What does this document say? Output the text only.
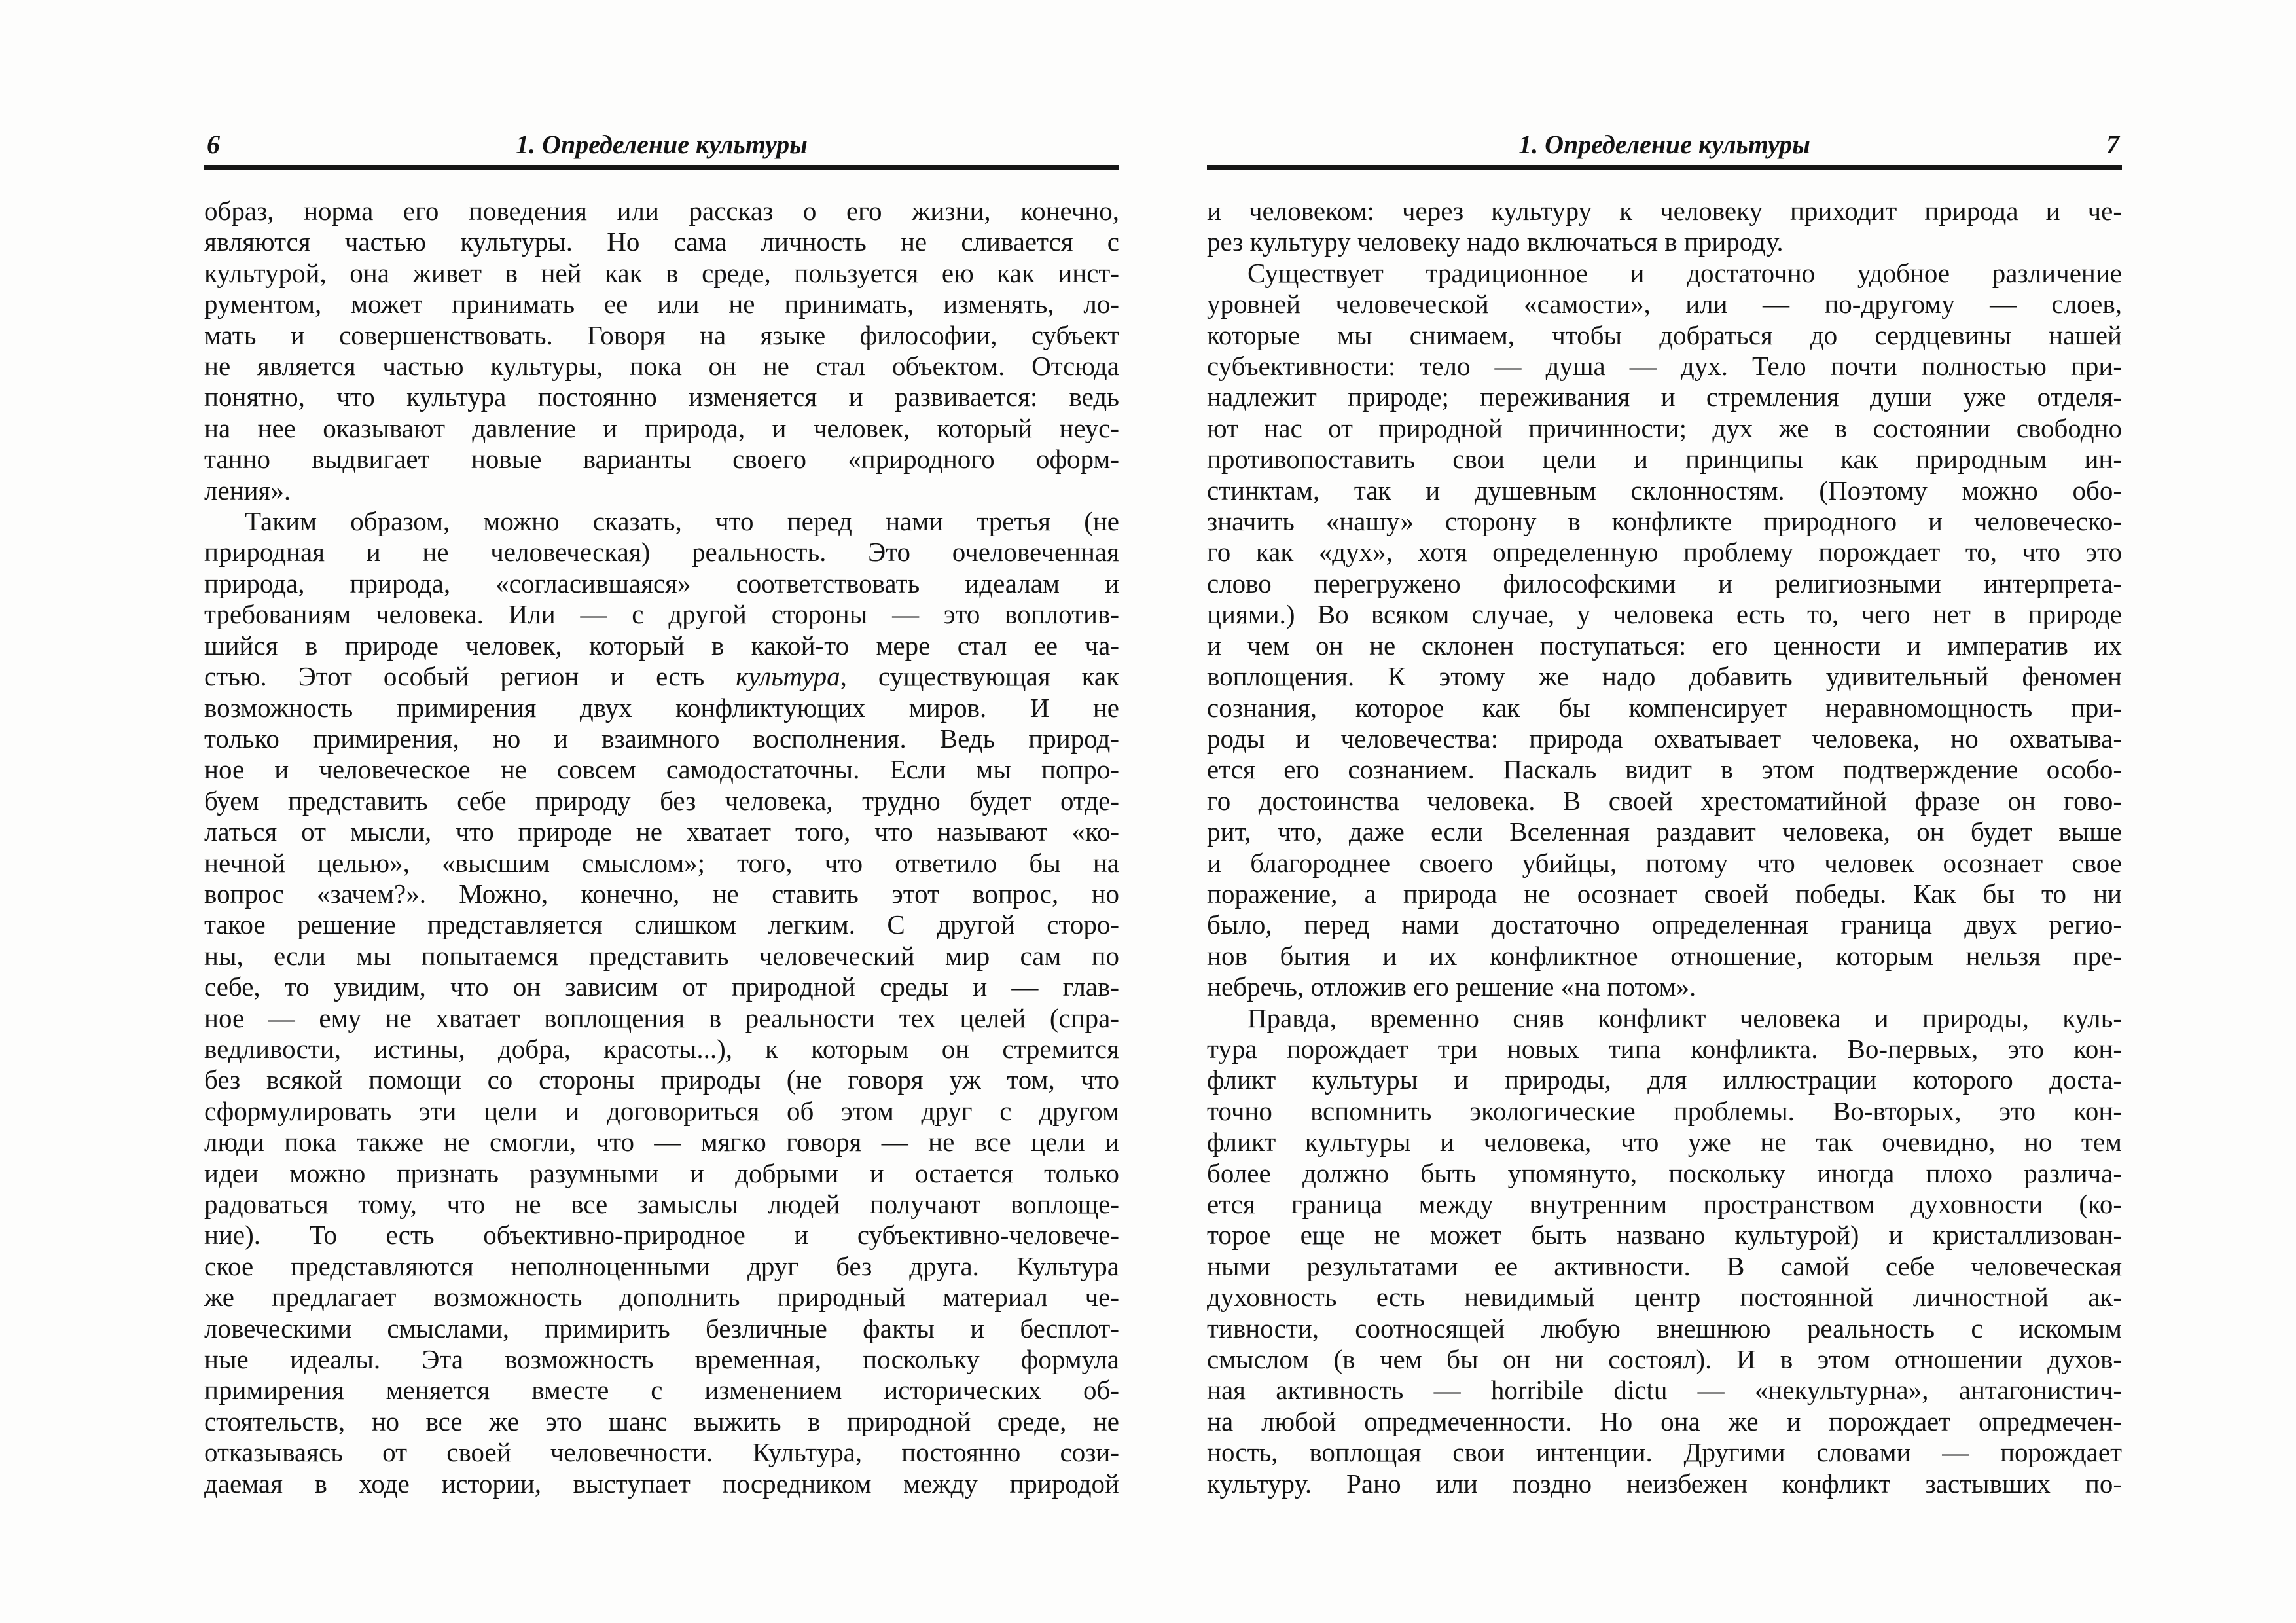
6	1. Определение культуры
образ, норма его поведения или рассказ о его жизни, конечно,
являются частью культуры. Но сама личность не сливается с
культурой, она живет в ней как в среде, пользуется ею как инст-
рументом, может принимать ее или не принимать, изменять, ло-
мать и совершенствовать. Говоря на языке философии, субъект
не является частью культуры, пока он не стал объектом. Отсюда
понятно, что культура постоянно изменяется и развивается: ведь
на нее оказывают давление и природа, и человек, который неус-
танно выдвигает новые варианты своего «природного оформ-
ления».
Таким образом, можно сказать, что перед нами третья (не
природная и не человеческая) реальность. Это очеловеченная
природа, природа, «согласившаяся» соответствовать идеалам и
требованиям человека. Или — с другой стороны — это воплотив-
шийся в природе человек, который в какой-то мере стал ее ча-
стью. Этот особый регион и есть культура, существующая как
возможность примирения двух конфликтующих миров. И не
только примирения, но и взаимного восполнения. Ведь природ-
ное и человеческое не совсем самодостаточны. Если мы попро-
буем представить себе природу без человека, трудно будет отде-
латься от мысли, что природе не хватает того, что называют «ко-
нечной целью», «высшим смыслом»; того, что ответило бы на
вопрос «зачем?». Можно, конечно, не ставить этот вопрос, но
такое решение представляется слишком легким. С другой сторо-
ны, если мы попытаемся представить человеческий мир сам по
себе, то увидим, что он зависим от природной среды и — глав-
ное — ему не хватает воплощения в реальности тех целей (спра-
ведливости, истины, добра, красоты...), к которым он стремится
без всякой помощи со стороны природы (не говоря уж том, что
сформулировать эти цели и договориться об этом друг с другом
люди пока также не смогли, что — мягко говоря — не все цели и
идеи можно признать разумными и добрыми и остается только
радоваться тому, что не все замыслы людей получают воплоще-
ние). То есть объективно-природное и субъективно-человече-
ское представляются неполноценными друг без друга. Культура
же предлагает возможность дополнить природный материал че-
ловеческими смыслами, примирить безличные факты и бесплот-
ные идеалы. Эта возможность временная, поскольку формула
примирения меняется вместе с изменением исторических об-
стоятельств, но все же это шанс выжить в природной среде, не
отказываясь от своей человечности. Культура, постоянно сози-
даемая в ходе истории, выступает посредником между природой
1. Определение культуры	7
и человеком: через культуру к человеку приходит природа и че-
рез культуру человеку надо включаться в природу.
Существует традиционное и достаточно удобное различение
уровней человеческой «самости», или — по-другому — слоев,
которые мы снимаем, чтобы добраться до сердцевины нашей
субъективности: тело — душа — дух. Тело почти полностью при-
надлежит природе; переживания и стремления души уже отделя-
ют нас от природной причинности; дух же в состоянии свободно
противопоставить свои цели и принципы как природным ин-
стинктам, так и душевным склонностям. (Поэтому можно обо-
значить «нашу» сторону в конфликте природного и человеческо-
го как «дух», хотя определенную проблему порождает то, что это
слово перегружено философскими и религиозными интерпрета-
циями.) Во всяком случае, у человека есть то, чего нет в природе
и чем он не склонен поступаться: его ценности и императив их
воплощения. К этому же надо добавить удивительный феномен
сознания, которое как бы компенсирует неравномощность при-
роды и человечества: природа охватывает человека, но охватыва-
ется его сознанием. Паскаль видит в этом подтверждение особо-
го достоинства человека. В своей хрестоматийной фразе он гово-
рит, что, даже если Вселенная раздавит человека, он будет выше
и благороднее своего убийцы, потому что человек осознает свое
поражение, а природа не осознает своей победы. Как бы то ни
было, перед нами достаточно определенная граница двух регио-
нов бытия и их конфликтное отношение, которым нельзя пре-
небречь, отложив его решение «на потом».
Правда, временно сняв конфликт человека и природы, куль-
тура порождает три новых типа конфликта. Во-первых, это кон-
фликт культуры и природы, для иллюстрации которого доста-
точно вспомнить экологические проблемы. Во-вторых, это кон-
фликт культуры и человека, что уже не так очевидно, но тем
более должно быть упомянуто, поскольку иногда плохо различа-
ется граница между внутренним пространством духовности (ко-
торое еще не может быть названо культурой) и кристаллизован-
ными результатами ее активности. В самой себе человеческая
духовность есть невидимый центр постоянной личностной ак-
тивности, соотносящей любую внешнюю реальность с искомым
смыслом (в чем бы он ни состоял). И в этом отношении духов-
ная активность — horribile dictu — «некультурна», антагонистич-
на любой опредмеченности. Но она же и порождает опредмечен-
ность, воплощая свои интенции. Другими словами — порождает
культуру. Рано или поздно неизбежен конфликт застывших по-
